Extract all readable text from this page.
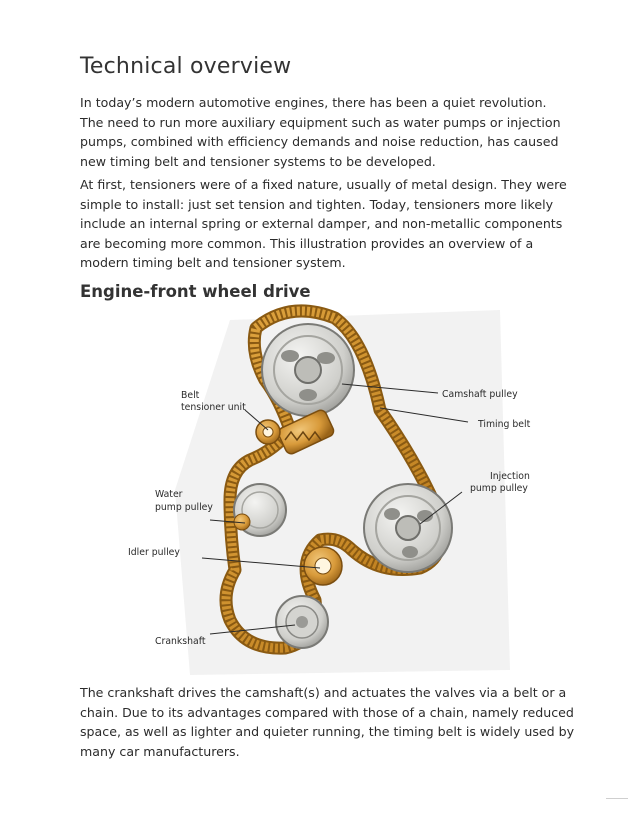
Technical overview

In today’s modern automotive engines, there has been a quiet revolution. The need to run more auxiliary equipment such as water pumps or injection pumps, combined with efficiency demands and noise reduction, has caused new timing belt and tensioner systems to be developed.

At first, tensioners were of a fixed nature, usually of metal design. They were simple to install: just set tension and tighten. Today, tensioners more likely include an internal spring or external damper, and non-metallic components are becoming more common. This illustration provides an overview of a modern timing belt and tensioner system.

Engine-front wheel drive
Belt
tensioner unit
Camshaft pulley
Timing belt
Injection
pump pulley
Water
pump pulley
Idler pulley
Crankshaft

The crankshaft drives the camshaft(s) and actuates the valves via a belt or a chain. Due to its advantages compared with those of a chain, namely reduced space, as well as lighter and quieter running, the timing belt is widely used by many car manufacturers.
